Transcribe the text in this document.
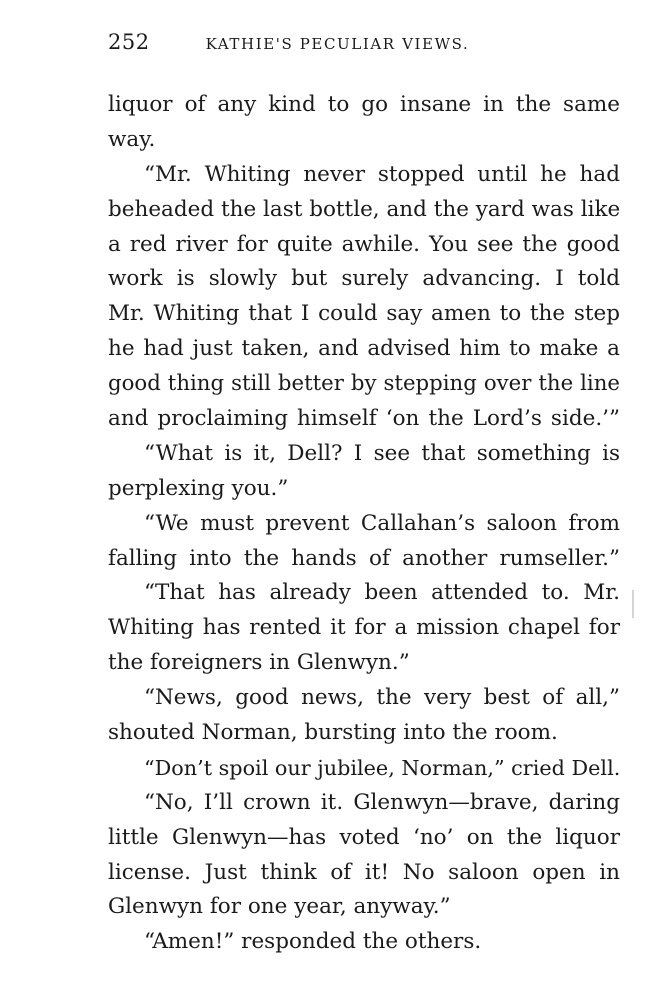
252	KATHIE'S PECULIAR VIEWS.
liquor of any kind to go insane in the same
way.
“Mr. Whiting never stopped until he had
beheaded the last bottle, and the yard was like
a red river for quite awhile. You see the good
work is slowly but surely advancing. I told
Mr. Whiting that I could say amen to the step
he had just taken, and advised him to make a
good thing still better by stepping over the line
and proclaiming himself ‘on the Lord’s side.’”
“What is it, Dell? I see that something is
perplexing you.”
“We must prevent Callahan’s saloon from
falling into the hands of another rumseller.”
“That has already been attended to. Mr.
Whiting has rented it for a mission chapel for
the foreigners in Glenwyn.”
“News, good news, the very best of all,”
shouted Norman, bursting into the room.
“Don’t spoil our jubilee, Norman,” cried Dell.
“No, I’ll crown it. Glenwyn—brave, daring
little Glenwyn—has voted ‘no’ on the liquor
license. Just think of it! No saloon open in
Glenwyn for one year, anyway.”
“Amen!” responded the others.
